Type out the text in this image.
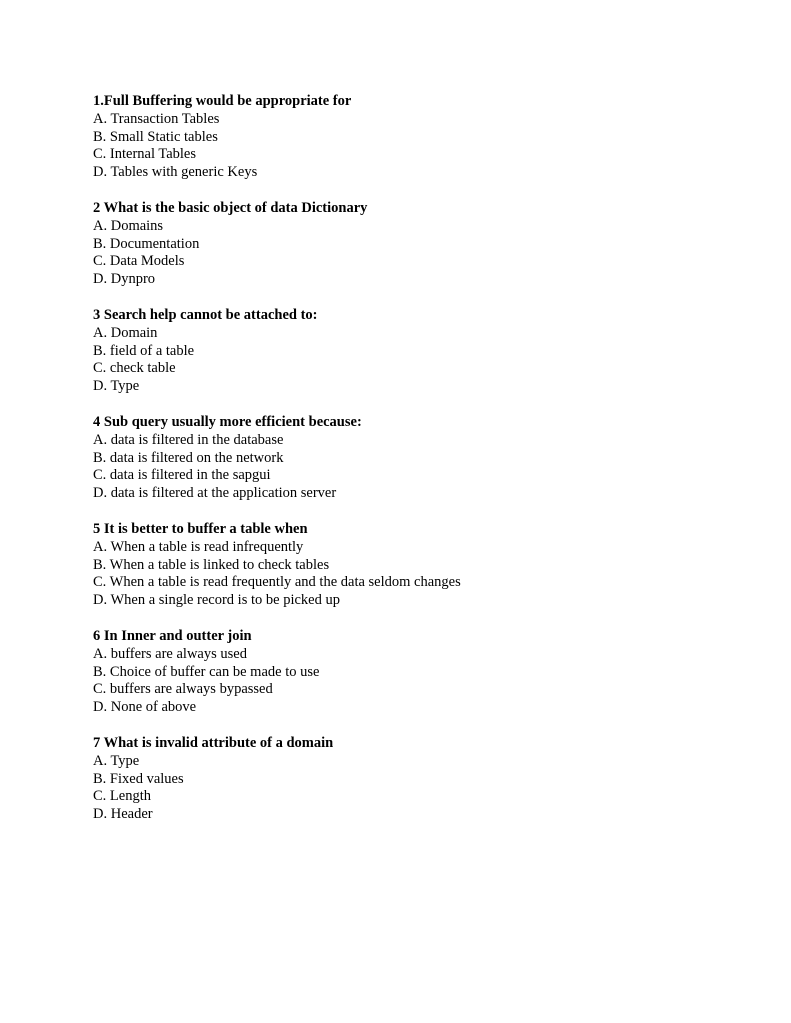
1.Full Buffering would be appropriate for
A. Transaction Tables
B. Small Static tables
C. Internal Tables
D. Tables with generic Keys
2 What is the basic object of data Dictionary
A. Domains
B. Documentation
C. Data Models
D. Dynpro
3 Search help cannot be attached to:
A. Domain
B. field of a table
C. check table
D. Type
4 Sub query usually more efficient because:
A. data is filtered in the database
B. data is filtered on the network
C. data is filtered in the sapgui
D. data is filtered at the application server
5 It is better to buffer a table when
A. When a table is read infrequently
B. When a table is linked to check tables
C. When a table is read frequently and the data seldom changes
D. When a single record is to be picked up
6 In Inner and outter join
A. buffers are always used
B. Choice of buffer can be made to use
C. buffers are always bypassed
D. None of above
7 What is invalid attribute of a domain
A. Type
B. Fixed values
C. Length
D. Header
